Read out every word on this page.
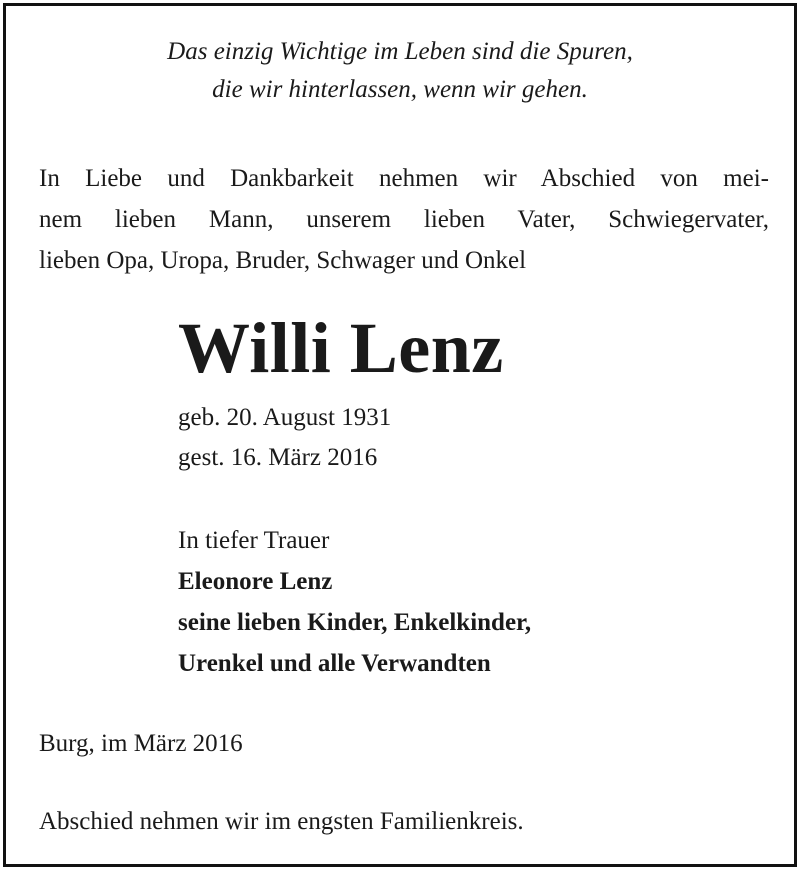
Das einzig Wichtige im Leben sind die Spuren,
die wir hinterlassen, wenn wir gehen.
In Liebe und Dankbarkeit nehmen wir Abschied von mei-
nem lieben Mann, unserem lieben Vater, Schwiegervater,
lieben Opa, Uropa, Bruder, Schwager und Onkel
Willi Lenz
geb. 20. August 1931
gest. 16. März 2016
In tiefer Trauer
Eleonore Lenz
seine lieben Kinder, Enkelkinder,
Urenkel und alle Verwandten
Burg, im März 2016
Abschied nehmen wir im engsten Familienkreis.
